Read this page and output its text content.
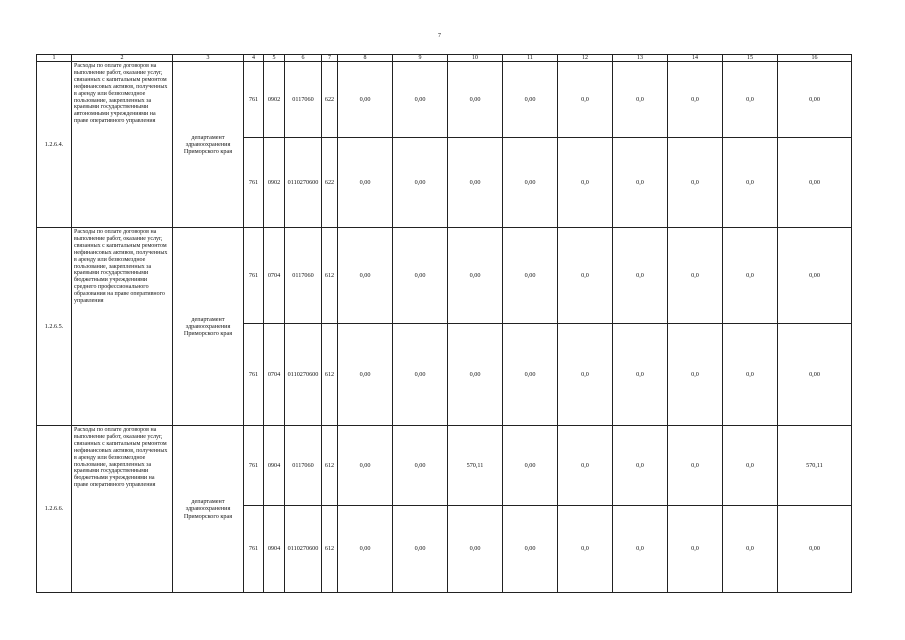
7
1	2	3	4	5	6	7	8	9	10	11	12	13	14	15	16
1.2.6.4.	Расходы по оплате договоров на выполнение работ, оказание услуг, связанных с капитальным ремонтом нефинансовых активов, полученных в аренду или безвозмездное пользование, закрепленных за краевыми государственными автономными учреждениями на праве оперативного управления	департамент здравоохранения Приморского края	761	0902	0117060	622	0,00	0,00	0,00	0,00	0,0	0,0	0,0	0,0	0,00
			761	0902	0110270600	622	0,00	0,00	0,00	0,00	0,0	0,0	0,0	0,0	0,00
1.2.6.5.	Расходы по оплате договоров на выполнение работ, оказание услуг, связанных с капитальным ремонтом нефинансовых активов, полученных в аренду или безвозмездное пользование, закрепленных за краевыми государственными бюджетными учреждениями среднего профессионального образования на праве оперативного управления	департамент здравоохранения Приморского края	761	0704	0117060	612	0,00	0,00	0,00	0,00	0,0	0,0	0,0	0,0	0,00
			761	0704	0110270600	612	0,00	0,00	0,00	0,00	0,0	0,0	0,0	0,0	0,00
1.2.6.6.	Расходы по оплате договоров на выполнение работ, оказание услуг, связанных с капитальным ремонтом нефинансовых активов, полученных в аренду или безвозмездное пользование, закрепленных за краевыми государственными бюджетными учреждениями на праве оперативного управления	департамент здравоохранения Приморского края	761	0904	0117060	612	0,00	0,00	570,11	0,00	0,0	0,0	0,0	0,0	570,11
			761	0904	0110270600	612	0,00	0,00	0,00	0,00	0,0	0,0	0,0	0,0	0,00
